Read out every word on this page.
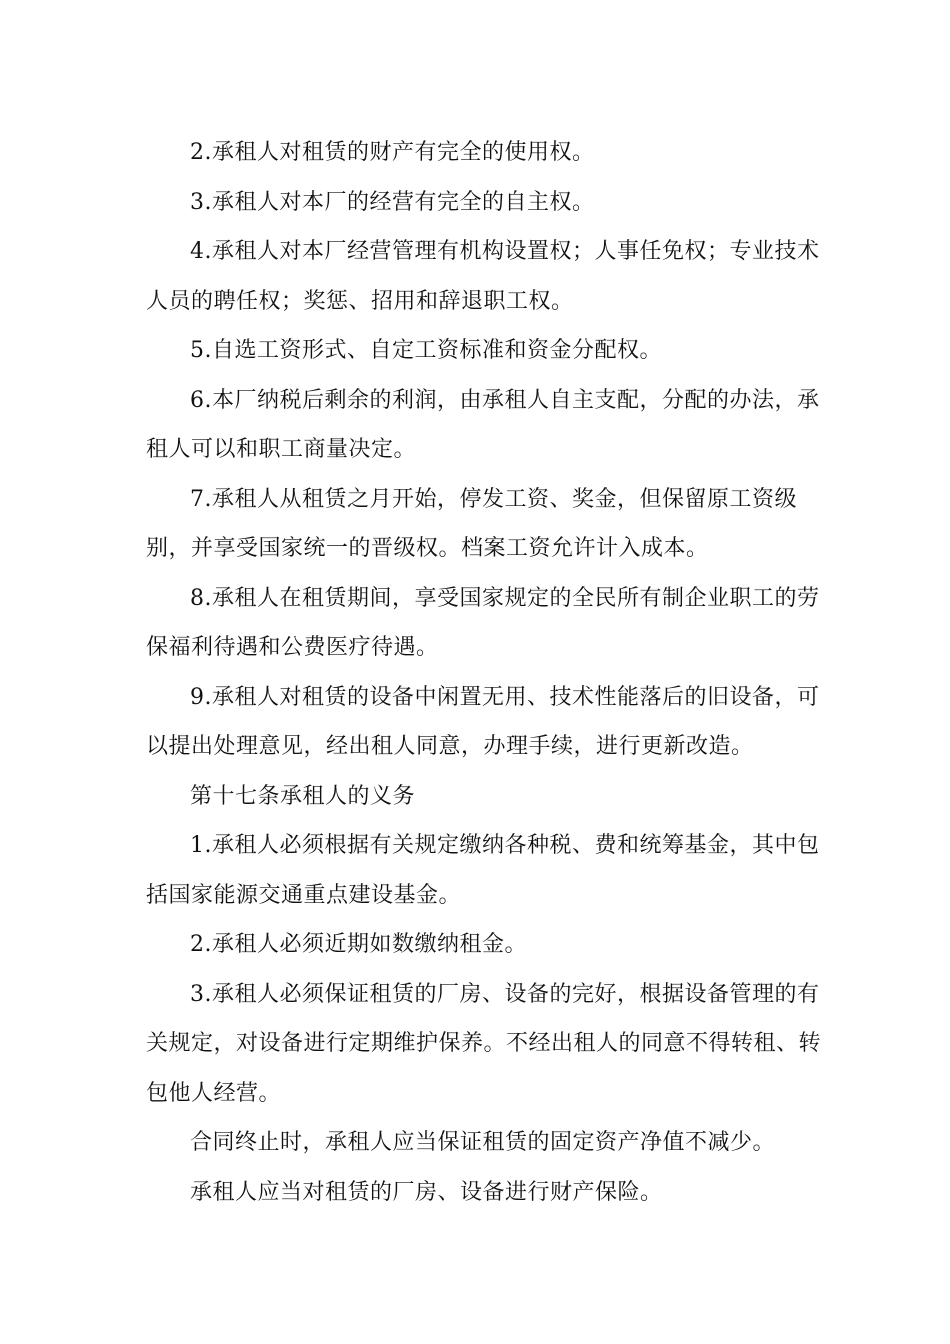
2.承租人对租赁的财产有完全的使用权。

3.承租人对本厂的经营有完全的自主权。

4.承租人对本厂经营管理有机构设置权；人事任免权；专业技术人员的聘任权；奖惩、招用和辞退职工权。

5.自选工资形式、自定工资标准和资金分配权。

6.本厂纳税后剩余的利润，由承租人自主支配，分配的办法，承租人可以和职工商量决定。

7.承租人从租赁之月开始，停发工资、奖金，但保留原工资级别，并享受国家统一的晋级权。档案工资允许计入成本。

8.承租人在租赁期间，享受国家规定的全民所有制企业职工的劳保福利待遇和公费医疗待遇。

9.承租人对租赁的设备中闲置无用、技术性能落后的旧设备，可以提出处理意见，经出租人同意，办理手续，进行更新改造。

第十七条承租人的义务

1.承租人必须根据有关规定缴纳各种税、费和统筹基金，其中包括国家能源交通重点建设基金。

2.承租人必须近期如数缴纳租金。

3.承租人必须保证租赁的厂房、设备的完好，根据设备管理的有关规定，对设备进行定期维护保养。不经出租人的同意不得转租、转包他人经营。

合同终止时，承租人应当保证租赁的固定资产净值不减少。

承租人应当对租赁的厂房、设备进行财产保险。
